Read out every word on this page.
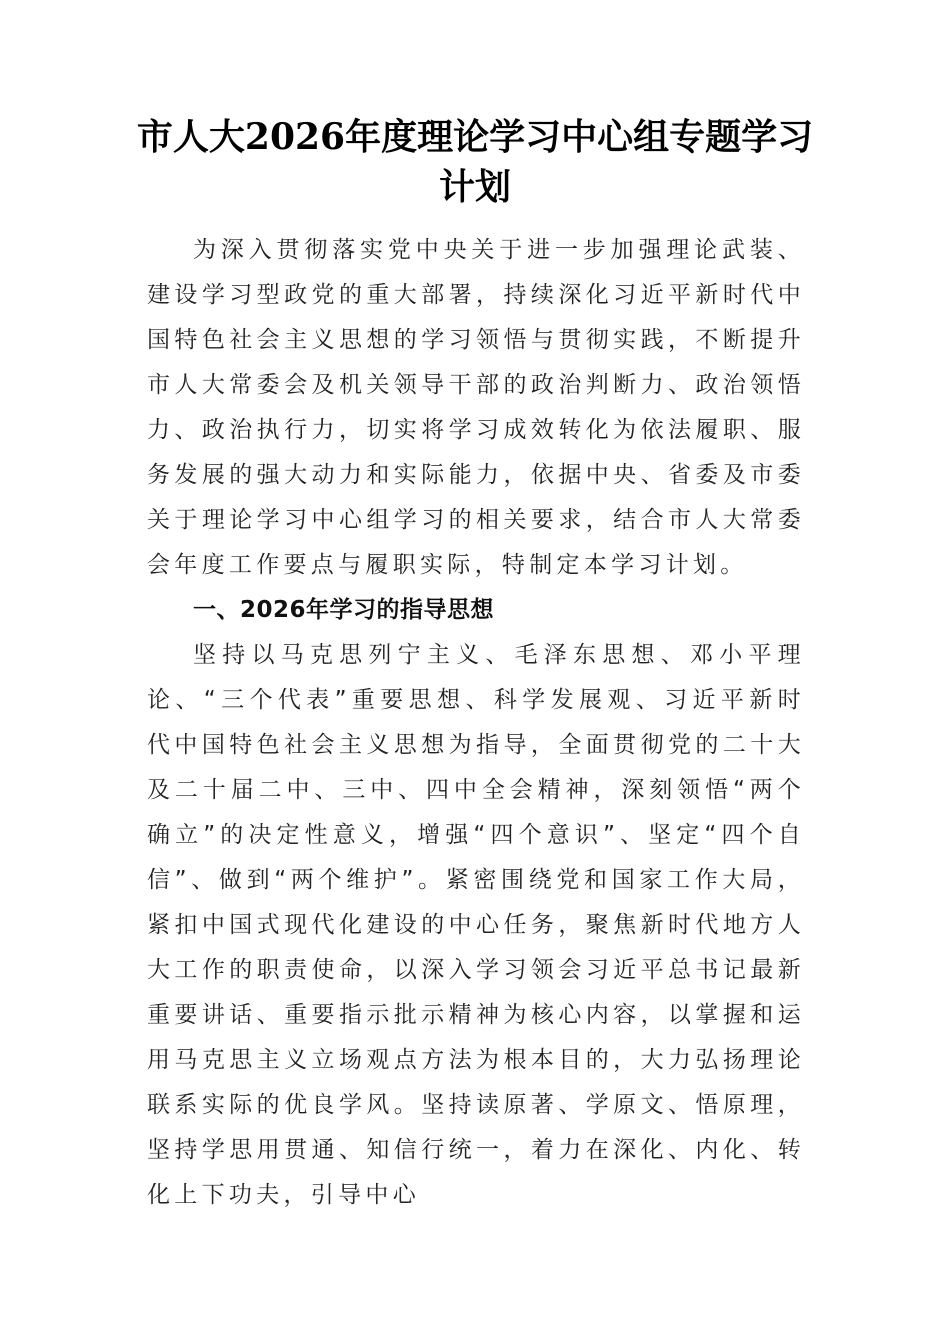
市人大2026年度理论学习中心组专题学习计划

为深入贯彻落实党中央关于进一步加强理论武装、建设学习型政党的重大部署，持续深化习近平新时代中国特色社会主义思想的学习领悟与贯彻实践，不断提升市人大常委会及机关领导干部的政治判断力、政治领悟力、政治执行力，切实将学习成效转化为依法履职、服务发展的强大动力和实际能力，依据中央、省委及市委关于理论学习中心组学习的相关要求，结合市人大常委会年度工作要点与履职实际，特制定本学习计划。

一、2026年学习的指导思想

坚持以马克思列宁主义、毛泽东思想、邓小平理论、“三个代表”重要思想、科学发展观、习近平新时代中国特色社会主义思想为指导，全面贯彻党的二十大及二十届二中、三中、四中全会精神，深刻领悟“两个确立”的决定性意义，增强“四个意识”、坚定“四个自信”、做到“两个维护”。紧密围绕党和国家工作大局，紧扣中国式现代化建设的中心任务，聚焦新时代地方人大工作的职责使命，以深入学习领会习近平总书记最新重要讲话、重要指示批示精神为核心内容，以掌握和运用马克思主义立场观点方法为根本目的，大力弘扬理论联系实际的优良学风。坚持读原著、学原文、悟原理，坚持学思用贯通、知信行统一，着力在深化、内化、转化上下功夫，引导中心
